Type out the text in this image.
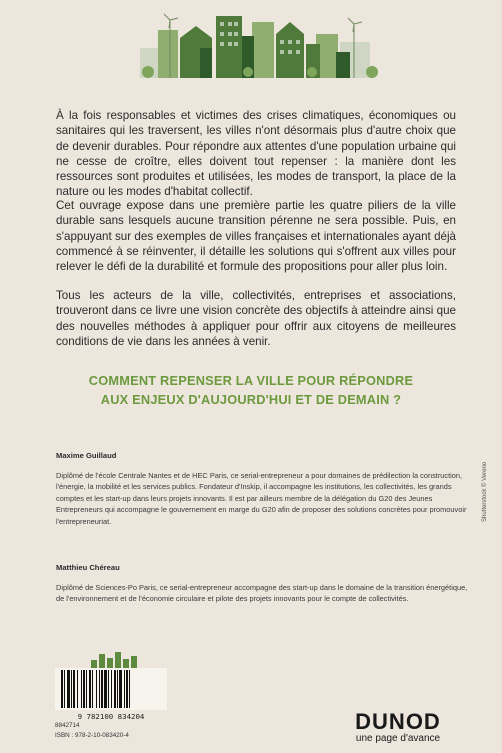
À la fois responsables et victimes des crises climatiques, économiques ou sanitaires qui les traversent, les villes n'ont désormais plus d'autre choix que de devenir durables. Pour répondre aux attentes d'une population urbaine qui ne cesse de croître, elles doivent tout repenser : la manière dont les ressources sont produites et utilisées, les modes de transport, la place de la nature ou les modes d'habitat collectif.

Cet ouvrage expose dans une première partie les quatre piliers de la ville durable sans lesquels aucune transition pérenne ne sera possible. Puis, en s'appuyant sur des exemples de villes françaises et internationales ayant déjà commencé à se réinventer, il détaille les solutions qui s'offrent aux villes pour relever le défi de la durabilité et formule des propositions pour aller plus loin.

Tous les acteurs de la ville, collectivités, entreprises et associations, trouveront dans ce livre une vision concrète des objectifs à atteindre ainsi que des nouvelles méthodes à appliquer pour offrir aux citoyens de meilleures conditions de vie dans les années à venir.

COMMENT REPENSER LA VILLE POUR RÉPONDRE
AUX ENJEUX D'AUJOURD'HUI ET DE DEMAIN ?

Maxime Guillaud

Diplômé de l'école Centrale Nantes et de HEC Paris, ce serial-entrepreneur a pour domaines de prédilection la construction, l'énergie, la mobilité et les services publics. Fondateur d'Inskip, il accompagne les institutions, les collectivités, les grands comptes et les start-up dans leurs projets innovants. Il est par ailleurs membre de la délégation du G20 des Jeunes Entrepreneurs qui accompagne le gouvernement en marge du G20 afin de proposer des solutions concrètes pour promouvoir l'entrepreneuriat.

Matthieu Chéreau

Diplômé de Sciences-Po Paris, ce serial-entrepreneur accompagne des start-up dans le domaine de la transition énergétique, de l'environnement et de l'économie circulaire et pilote des projets innovants pour le compte de collectivités.

Shutterstock © Vereno
9 782100 834204
8842714
ISBN : 978-2-10-083420-4
DUNOD
une page d'avance
